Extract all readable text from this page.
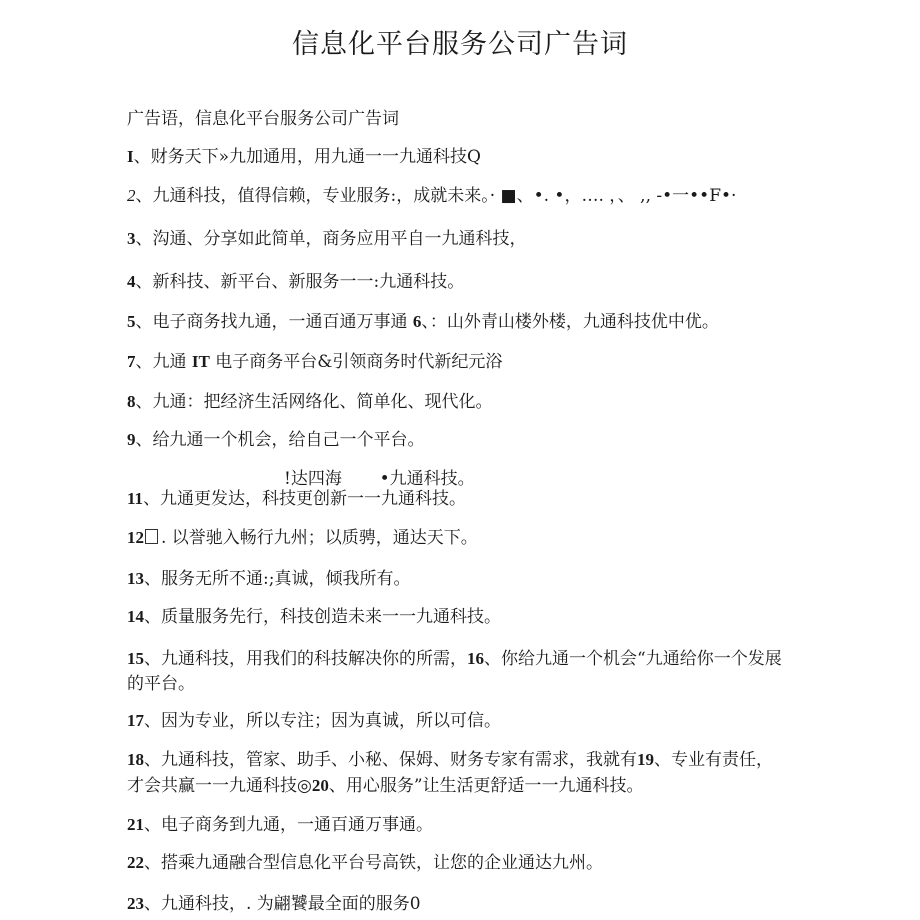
信息化平台服务公司广告词
广告语，信息化平台服务公司广告词
I、财务天下»九加通用，用九通一一九通科技Q
2、九通科技，值得信赖，专业服务:，成就未来。· ■、•. •，…. ，、 ,, -•一••F•·
3、沟通、分享如此简单，商务应用平自一九通科技，
4、新科技、新平台、新服务一一:九通科技。
5、电子商务找九通，一通百通万事通 6、：山外青山楼外楼，九通科技优中优。
7、九通 IT 电子商务平台&引领商务时代新纪元浴
8、九通：把经济生活网络化、简单化、现代化。
9、给九通一个机会，给自己一个平台。
!达四海       •九通科技。
11、九通更发达，科技更创新一一九通科技。
12 . 以誉驰入畅行九州；以质骋，通达天下。
13、服务无所不通:;真诚，倾我所有。
14、质量服务先行，科技创造未来一一九通科技。
15、九通科技，用我们的科技解决你的所需，16、你给九通一个机会“九通给你一个发展的平台。
17、因为专业，所以专注；因为真诚，所以可信。
18、九通科技，管家、助手、小秘、保姆、财务专家有需求，我就有19、专业有责任，才会共赢一一九通科技◎20、用心服务”让生活更舒适一一九通科技。
21、电子商务到九通，一通百通万事通。
22、搭乘九通融合型信息化平台号高铁，让您的企业通达九州。
23、九通科技，. 为翩饕最全面的服务0
